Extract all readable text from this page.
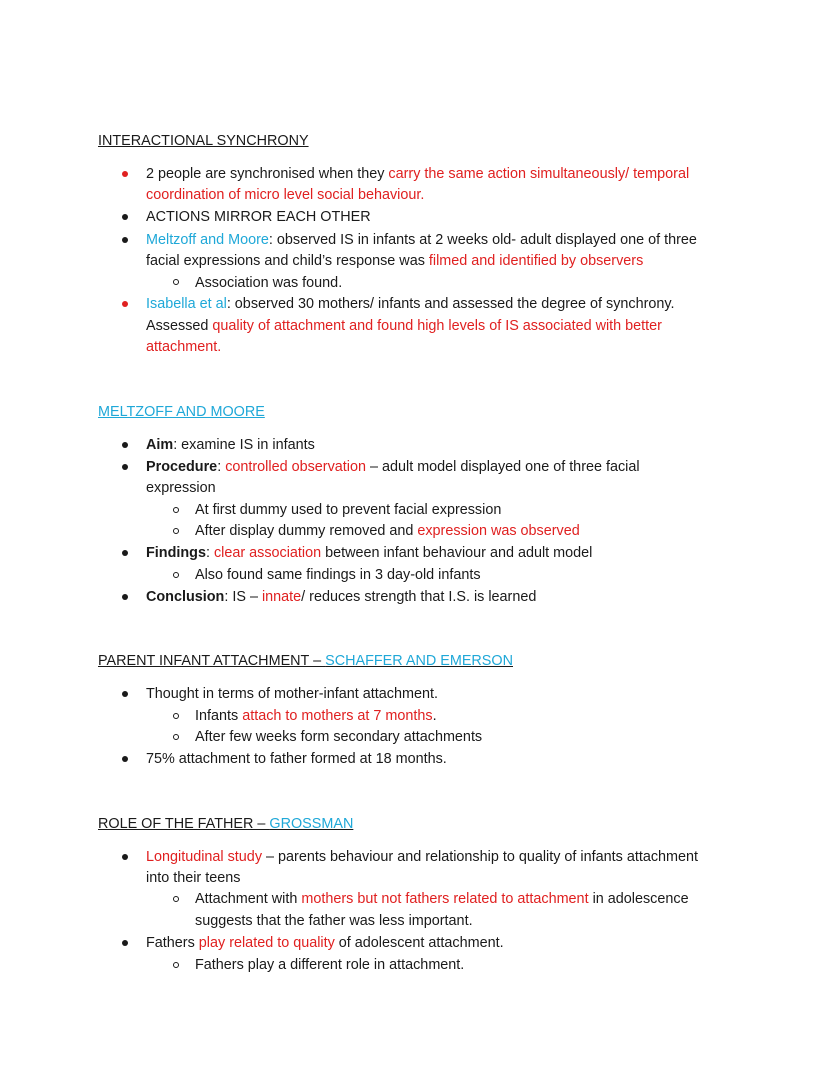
INTERACTIONAL SYNCHRONY
2 people are synchronised when they carry the same action simultaneously/ temporal
coordination of micro level social behaviour.
ACTIONS MIRROR EACH OTHER
Meltzoff and Moore: observed IS in infants at 2 weeks old- adult displayed one of three
facial expressions and child’s response was filmed and identified by observers
Association was found.
Isabella et al: observed 30 mothers/ infants and assessed the degree of synchrony.
Assessed quality of attachment and found high levels of IS associated with better
attachment.
MELTZOFF AND MOORE
Aim: examine IS in infants
Procedure: controlled observation – adult model displayed one of three facial
expression
At first dummy used to prevent facial expression
After display dummy removed and expression was observed
Findings: clear association between infant behaviour and adult model
Also found same findings in 3 day-old infants
Conclusion: IS – innate/ reduces strength that I.S. is learned
PARENT INFANT ATTACHMENT – SCHAFFER AND EMERSON
Thought in terms of mother-infant attachment.
Infants attach to mothers at 7 months.
After few weeks form secondary attachments
75% attachment to father formed at 18 months.
ROLE OF THE FATHER – GROSSMAN
Longitudinal study – parents behaviour and relationship to quality of infants attachment
into their teens
Attachment with mothers but not fathers related to attachment in adolescence
suggests that the father was less important.
Fathers play related to quality of adolescent attachment.
Fathers play a different role in attachment.
